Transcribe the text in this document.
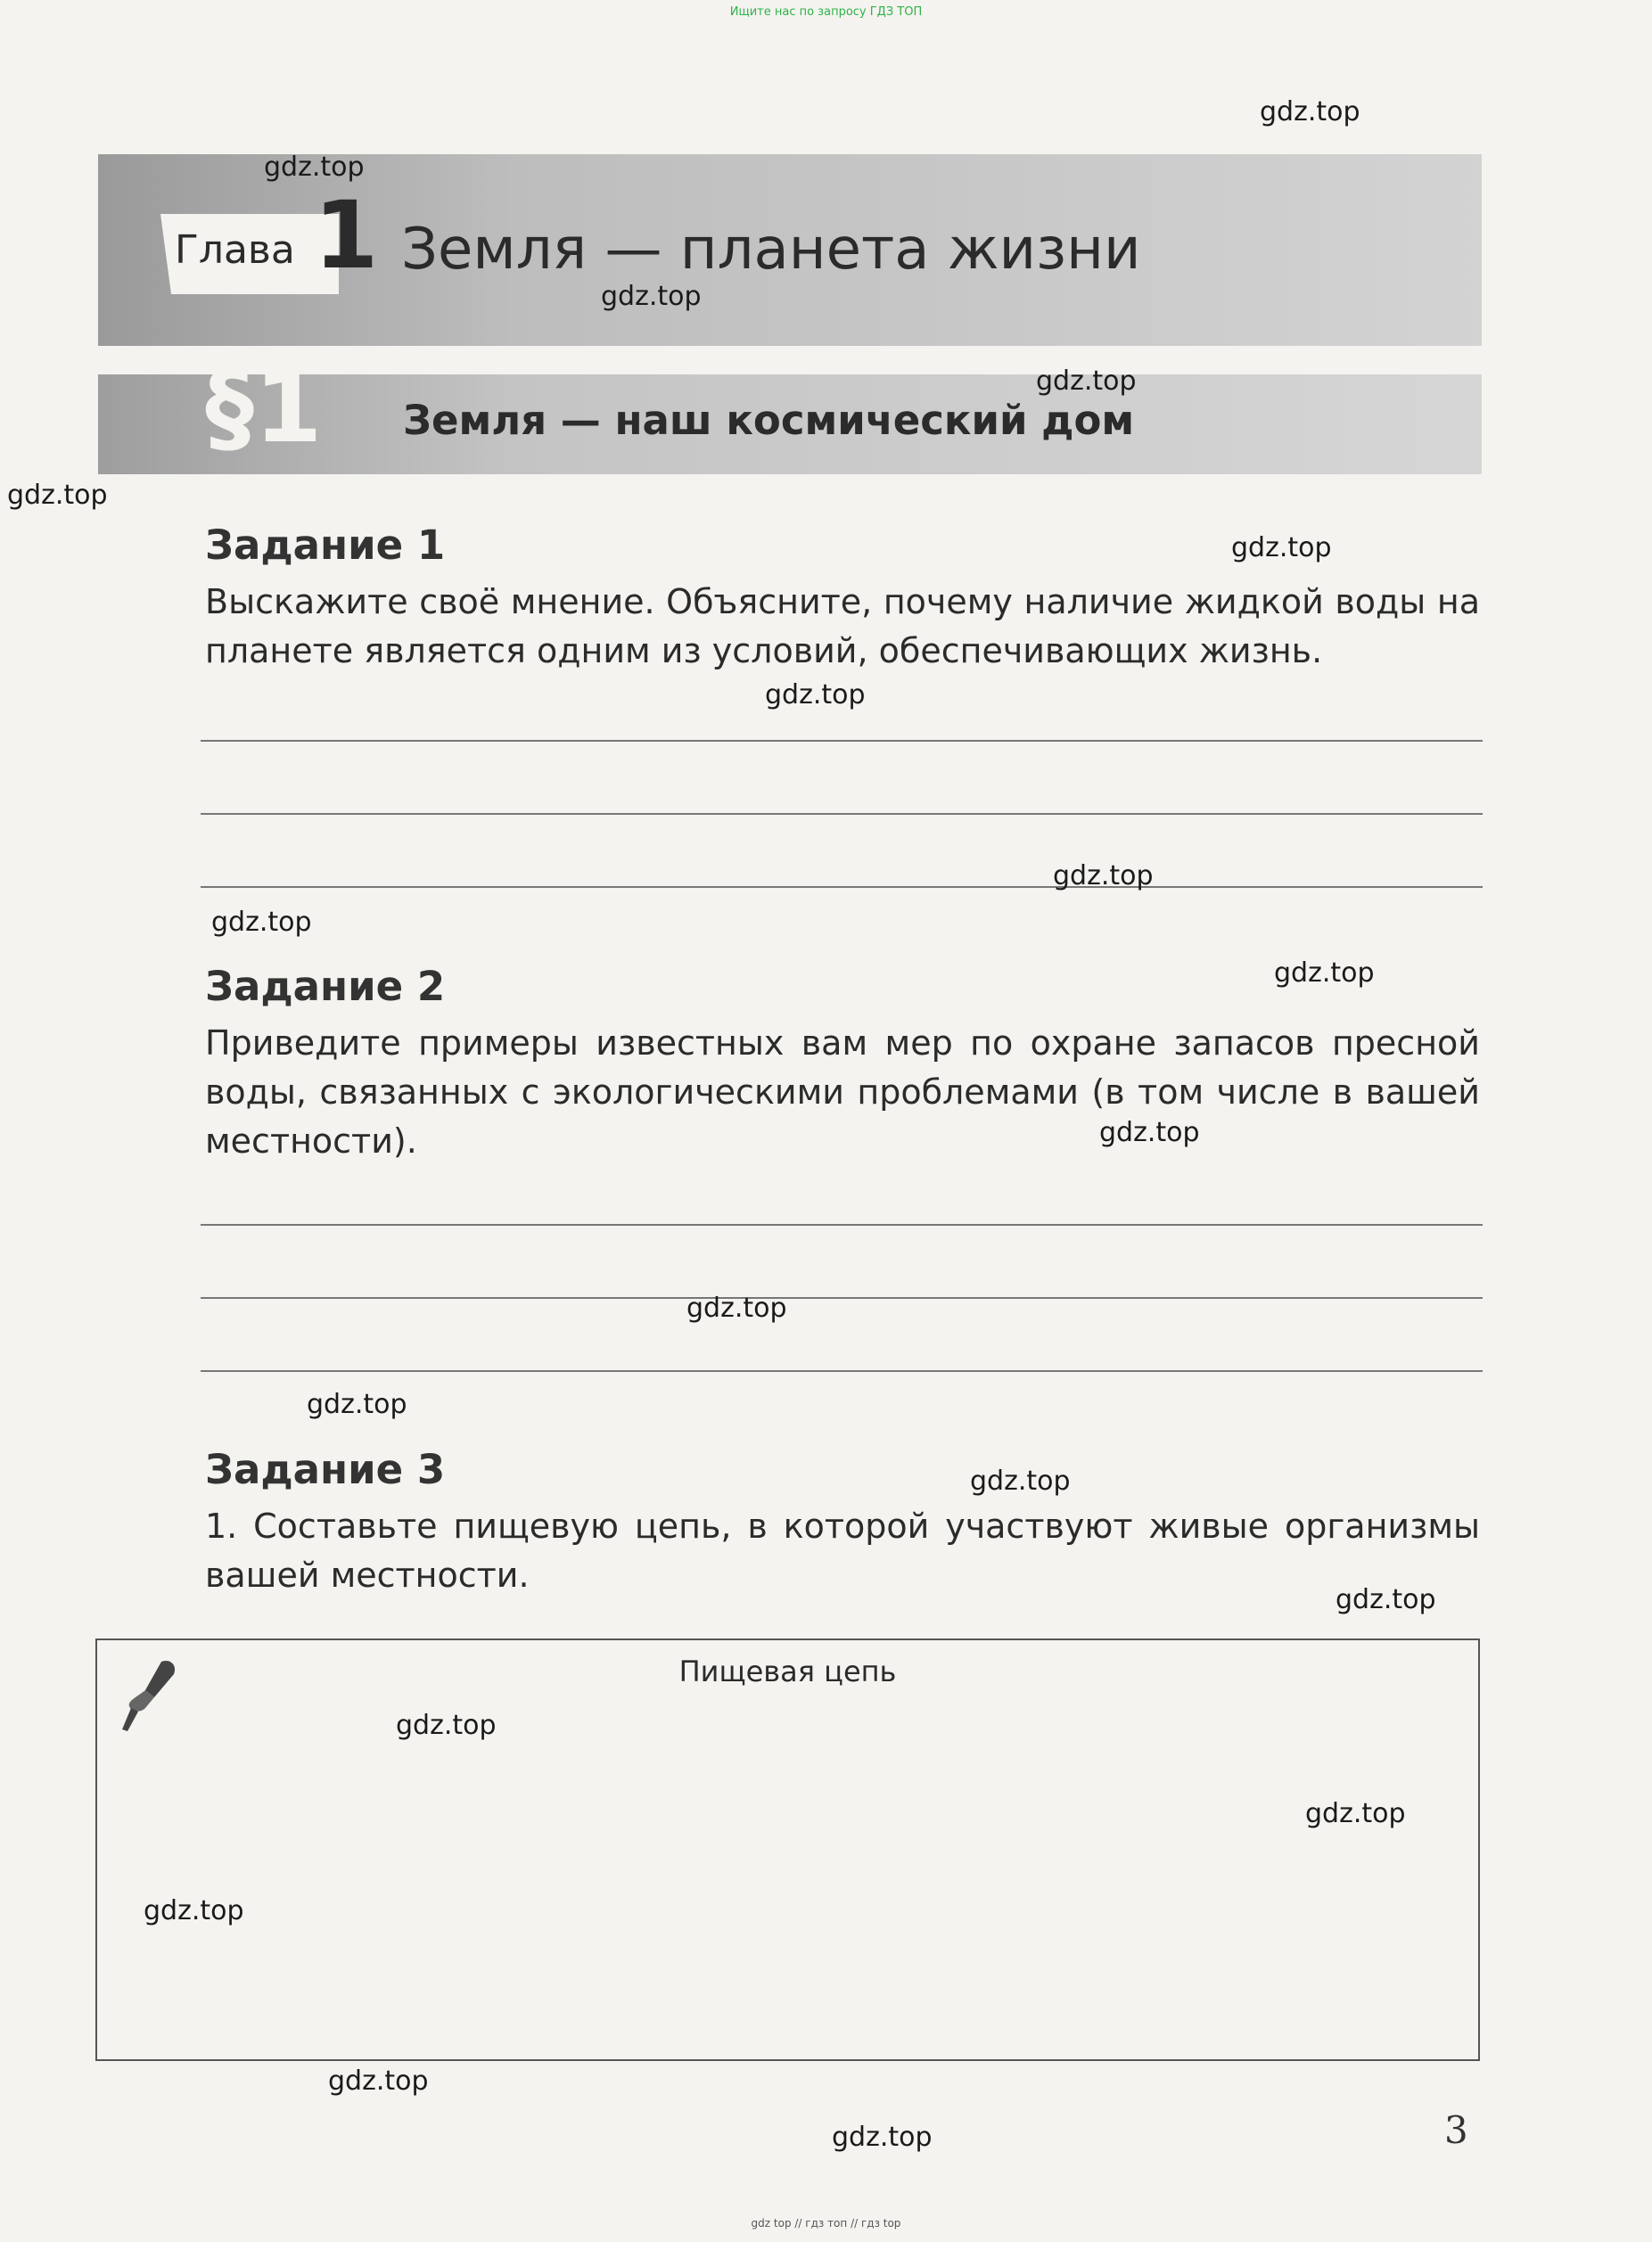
Ищите нас по запросу ГДЗ ТОП
Глава 1 Земля — планета жизни
§1 Земля — наш космический дом
Задание 1
Выскажите своё мнение. Объясните, почему наличие жидкой воды на планете является одним из условий, обеспечивающих жизнь.
Задание 2
Приведите примеры известных вам мер по охране запасов пресной воды, связанных с экологическими проблемами (в том числе в вашей местности).
Задание 3
1. Составьте пищевую цепь, в которой участвуют живые организмы вашей местности.
Пищевая цепь
3
gdz top // гдз топ // гдз top
gdz.top
gdz.top
gdz.top
gdz.top
gdz.top
gdz.top
gdz.top
gdz.top
gdz.top
gdz.top
gdz.top
gdz.top
gdz.top
gdz.top
gdz.top
gdz.top
gdz.top
gdz.top
gdz.top
gdz.top
